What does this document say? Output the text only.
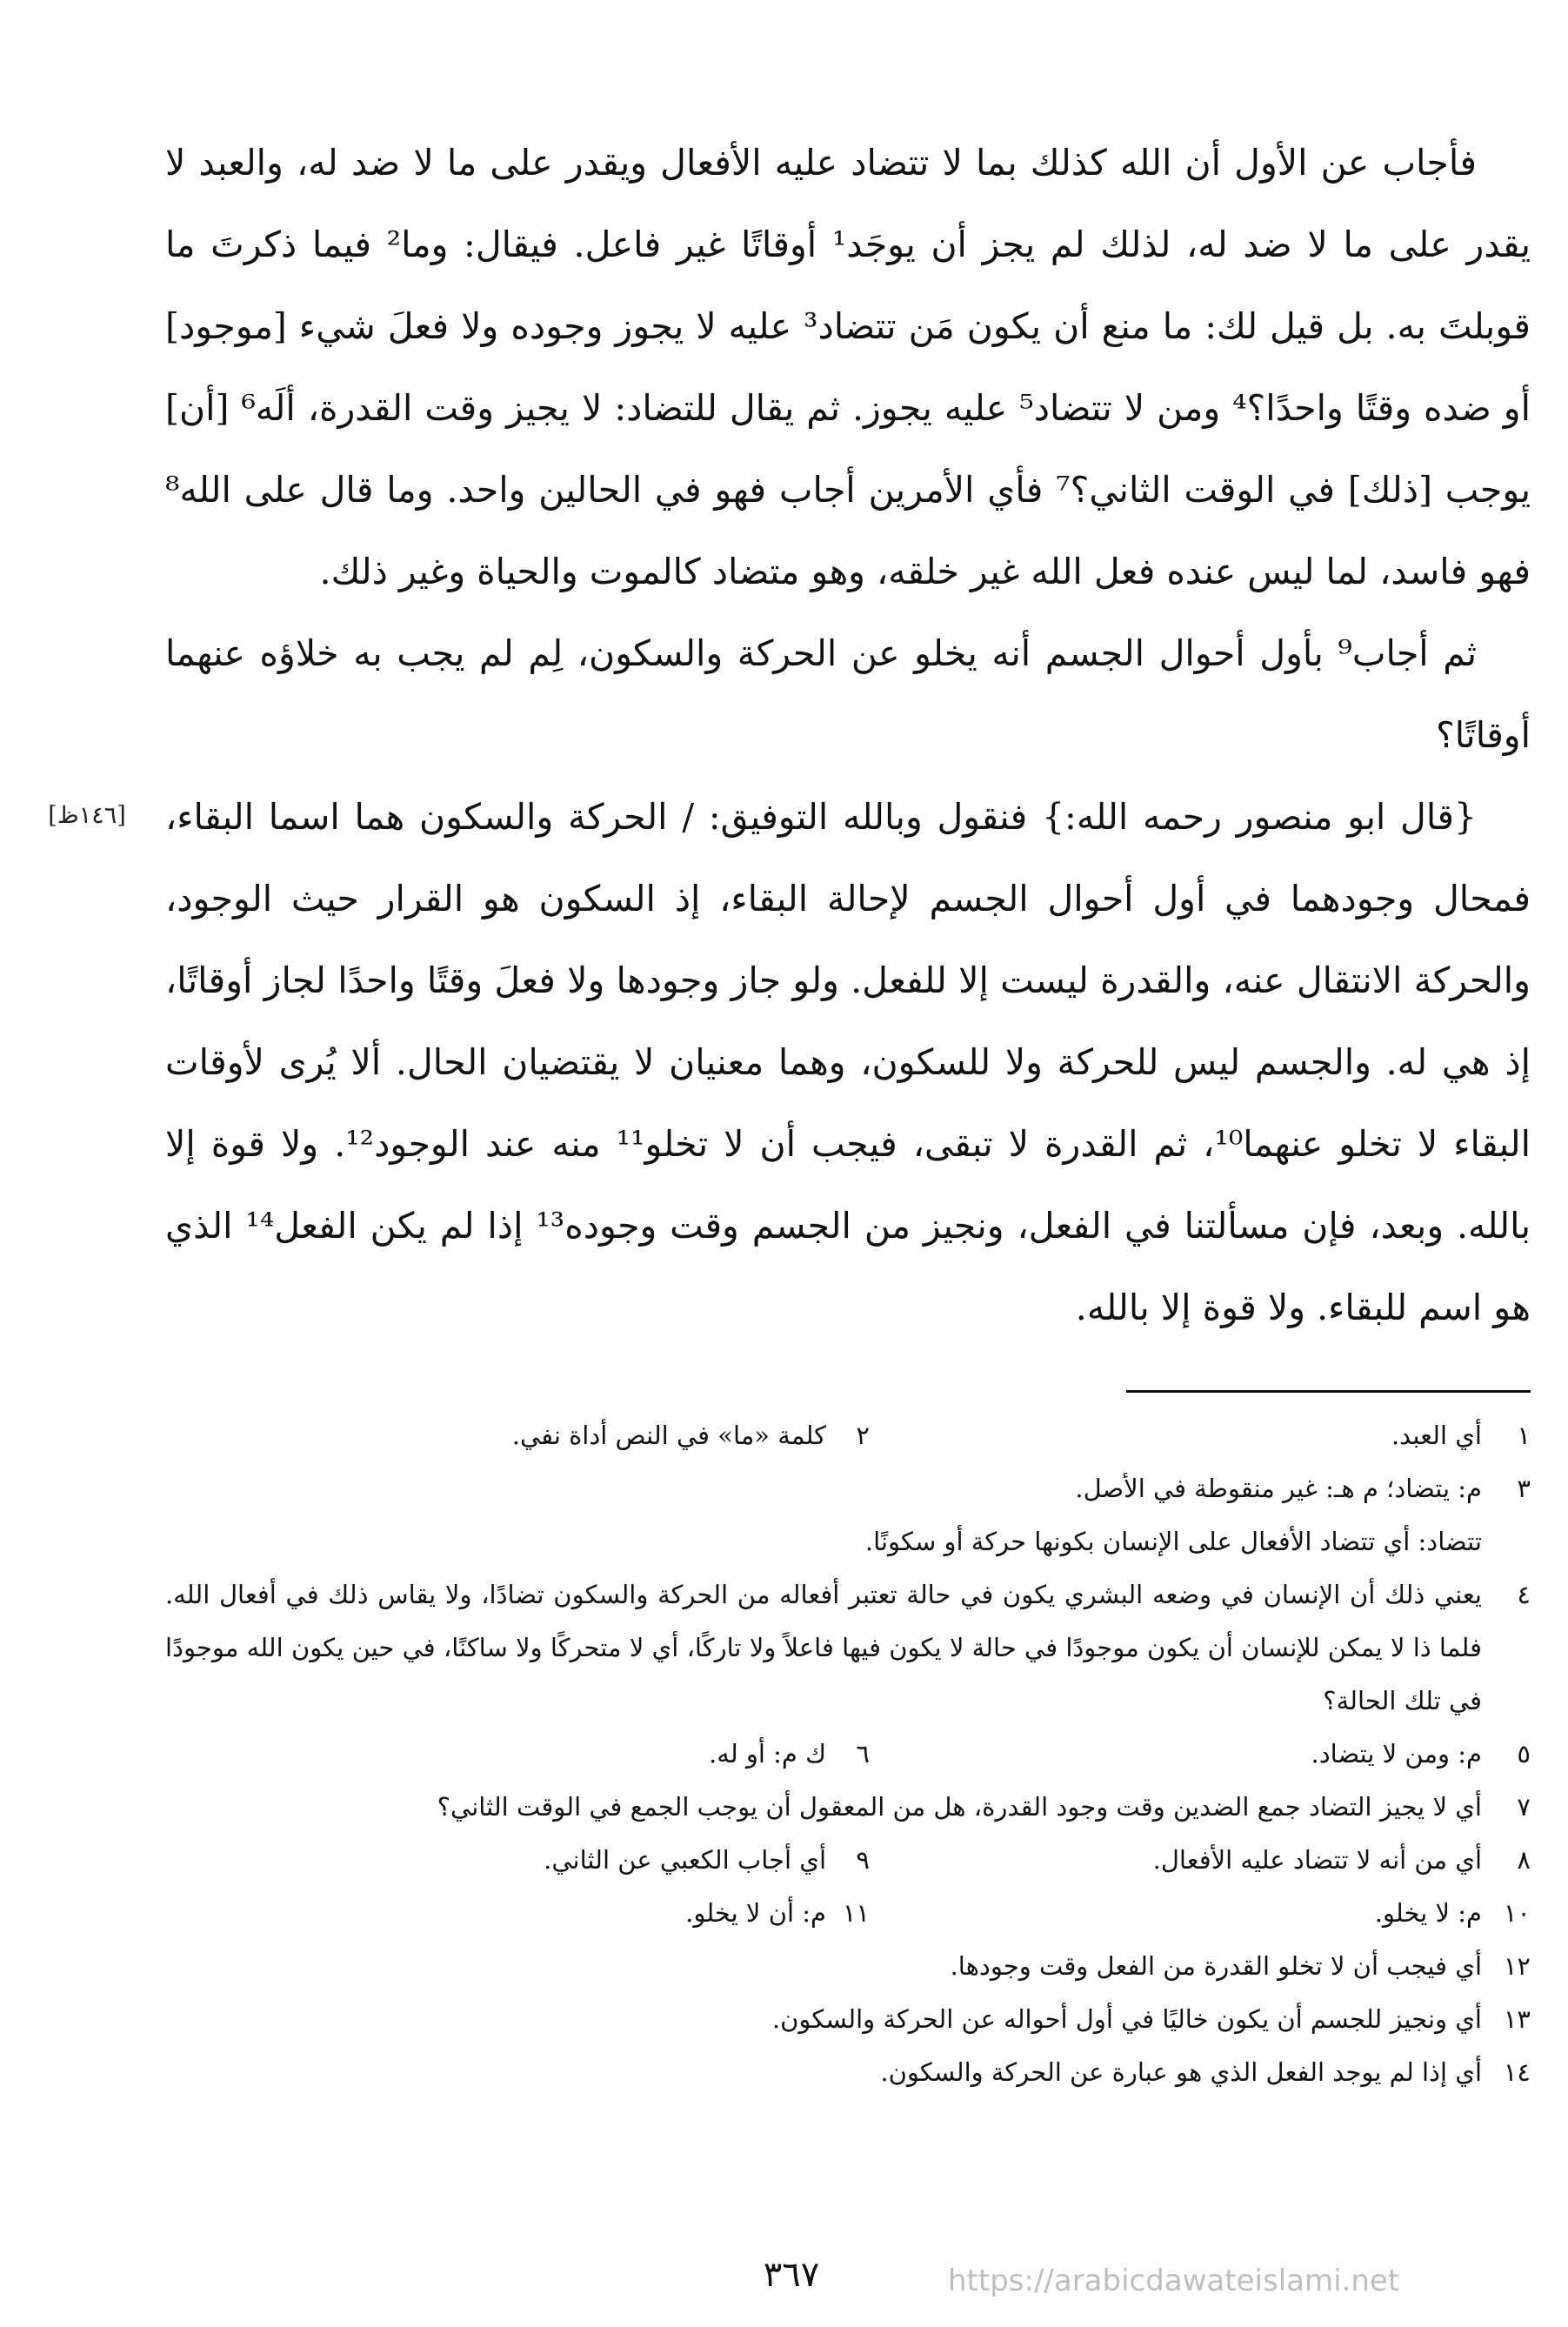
فأجاب عن الأول أن الله كذلك بما لا تتضاد عليه الأفعال ويقدر على ما لا ضد له، والعبد لا يقدر على ما لا ضد له، لذلك لم يجز أن يوجَد¹ أوقاتًا غير فاعل. فيقال: وما² فيما ذكرتَ ما قوبلتَ به. بل قيل لك: ما منع أن يكون مَن تتضاد³ عليه لا يجوز وجوده ولا فعلَ شيء [موجود] أو ضده وقتًا واحدًا؟⁴ ومن لا تتضاد⁵ عليه يجوز. ثم يقال للتضاد: لا يجيز وقت القدرة، ألَه⁶ [أن] يوجب [ذلك] في الوقت الثاني؟⁷ فأي الأمرين أجاب فهو في الحالين واحد. وما قال على الله⁸ فهو فاسد، لما ليس عنده فعل الله غير خلقه، وهو متضاد كالموت والحياة وغير ذلك.

ثم أجاب⁹ بأول أحوال الجسم أنه يخلو عن الحركة والسكون، لِم لم يجب به خلاؤه عنهما أوقاتًا؟

{قال ابو منصور رحمه الله:} فنقول وبالله التوفيق: / الحركة والسكون هما اسما البقاء، فمحال وجودهما في أول أحوال الجسم لإحالة البقاء، إذ السكون هو القرار حيث الوجود، والحركة الانتقال عنه، والقدرة ليست إلا للفعل. ولو جاز وجودها ولا فعلَ وقتًا واحدًا لجاز أوقاتًا، إذ هي له. والجسم ليس للحركة ولا للسكون، وهما معنيان لا يقتضيان الحال. ألا يُرى لأوقات البقاء لا تخلو عنهما¹⁰، ثم القدرة لا تبقى، فيجب أن لا تخلو¹¹ منه عند الوجود¹². ولا قوة إلا بالله. وبعد، فإن مسألتنا في الفعل، ونجيز من الجسم وقت وجوده¹³ إذا لم يكن الفعل¹⁴ الذي هو اسم للبقاء. ولا قوة إلا بالله.

[١٤٦ظ]
١
أي العبد.
٢
كلمة «ما» في النص أداة نفي.
٣
م: يتضاد؛ م هـ: غير منقوطة في الأصل.
تتضاد: أي تتضاد الأفعال على الإنسان بكونها حركة أو سكونًا.
٤
يعني ذلك أن الإنسان في وضعه البشري يكون في حالة تعتبر أفعاله من الحركة والسكون تضادًا، ولا يقاس ذلك في أفعال الله. فلما ذا لا يمكن للإنسان أن يكون موجودًا في حالة لا يكون فيها فاعلاً ولا تاركًا، أي لا متحركًا ولا ساكنًا، في حين يكون الله موجودًا في تلك الحالة؟
٥
م: ومن لا يتضاد.
٦
ك م: أو له.
٧
أي لا يجيز التضاد جمع الضدين وقت وجود القدرة، هل من المعقول أن يوجب الجمع في الوقت الثاني؟
٨
أي من أنه لا تتضاد عليه الأفعال.
٩
أي أجاب الكعبي عن الثاني.
١٠
م: لا يخلو.
١١
م: أن لا يخلو.
١٢
أي فيجب أن لا تخلو القدرة من الفعل وقت وجودها.
١٣
أي ونجيز للجسم أن يكون خاليًا في أول أحواله عن الحركة والسكون.
١٤
أي إذا لم يوجد الفعل الذي هو عبارة عن الحركة والسكون.
٣٦٧	https://arabicdawateislami.net
